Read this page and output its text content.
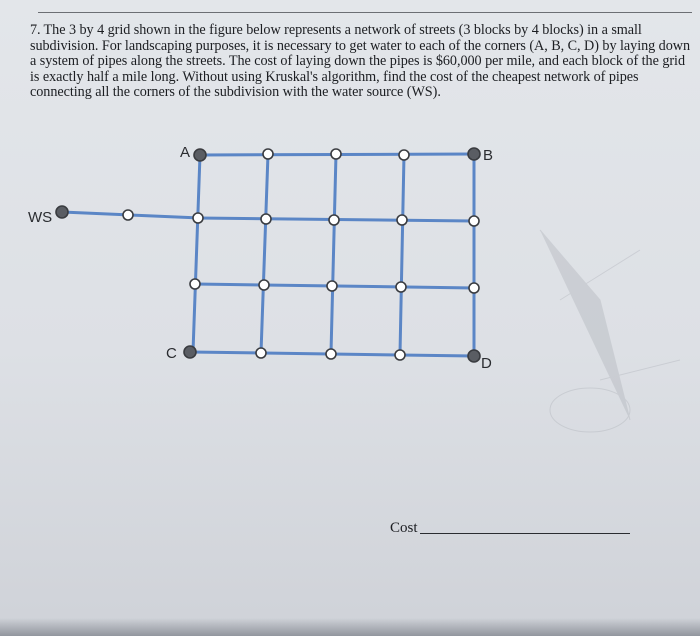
7. The 3 by 4 grid shown in the figure below represents a network of streets (3 blocks by 4 blocks) in a small subdivision. For landscaping purposes, it is necessary to get water to each of the corners (A, B, C, D) by laying down a system of pipes along the streets. The cost of laying down the pipes is $60,000 per mile, and each block of the grid is exactly half a mile long. Without using Kruskal's algorithm, find the cost of the cheapest network of pipes connecting all the corners of the subdivision with the water source (WS).
A	B
C
D
WS
Cost
